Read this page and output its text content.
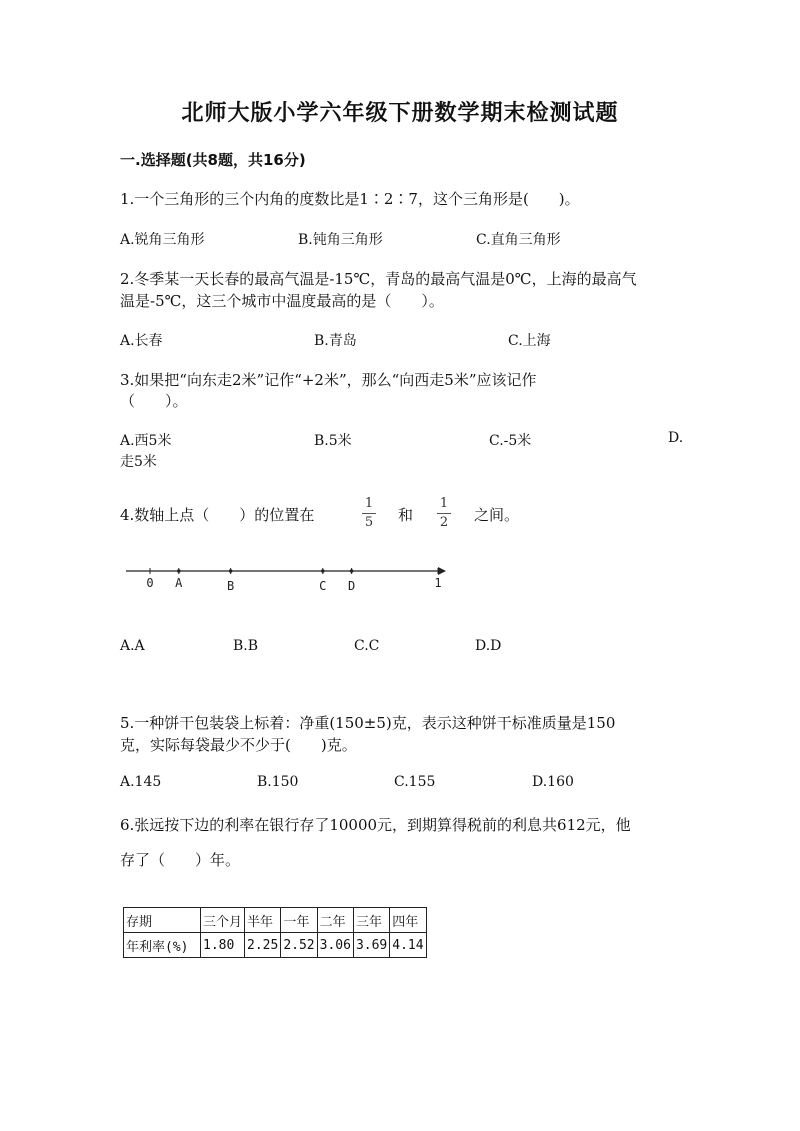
北师大版小学六年级下册数学期末检测试题
一.选择题(共8题，共16分)
1.一个三角形的三个内角的度数比是1∶2∶7，这个三角形是(　　)。
A.锐角三角形	B.钝角三角形	C.直角三角形
2.冬季某一天长春的最高气温是-15℃，青岛的最高气温是0℃，上海的最高气
温是-5℃，这三个城市中温度最高的是（　　）。
A.长春	B.青岛	C.上海
3.如果把“向东走2米”记作“+2米”，那么“向西走5米”应该记作
（　　）。
A.西5米	B.5米	C.-5米	D.
走5米
4.数轴上点（　　）的位置在
1
5 和
1
2 之间。
0 A	B	C D	1
A.A	B.B	C.C	D.D
5.一种饼干包装袋上标着：净重(150±5)克，表示这种饼干标准质量是150
克，实际每袋最少不少于(　　)克。
A.145	B.150	C.155	D.160
6.张远按下边的利率在银行存了10000元，到期算得税前的利息共612元，他
存了（　　）年。
存期	三个月	半年	一年	二年	三年	四年
年利率(%)	1.80	2.25	2.52	3.06	3.69	4.14
